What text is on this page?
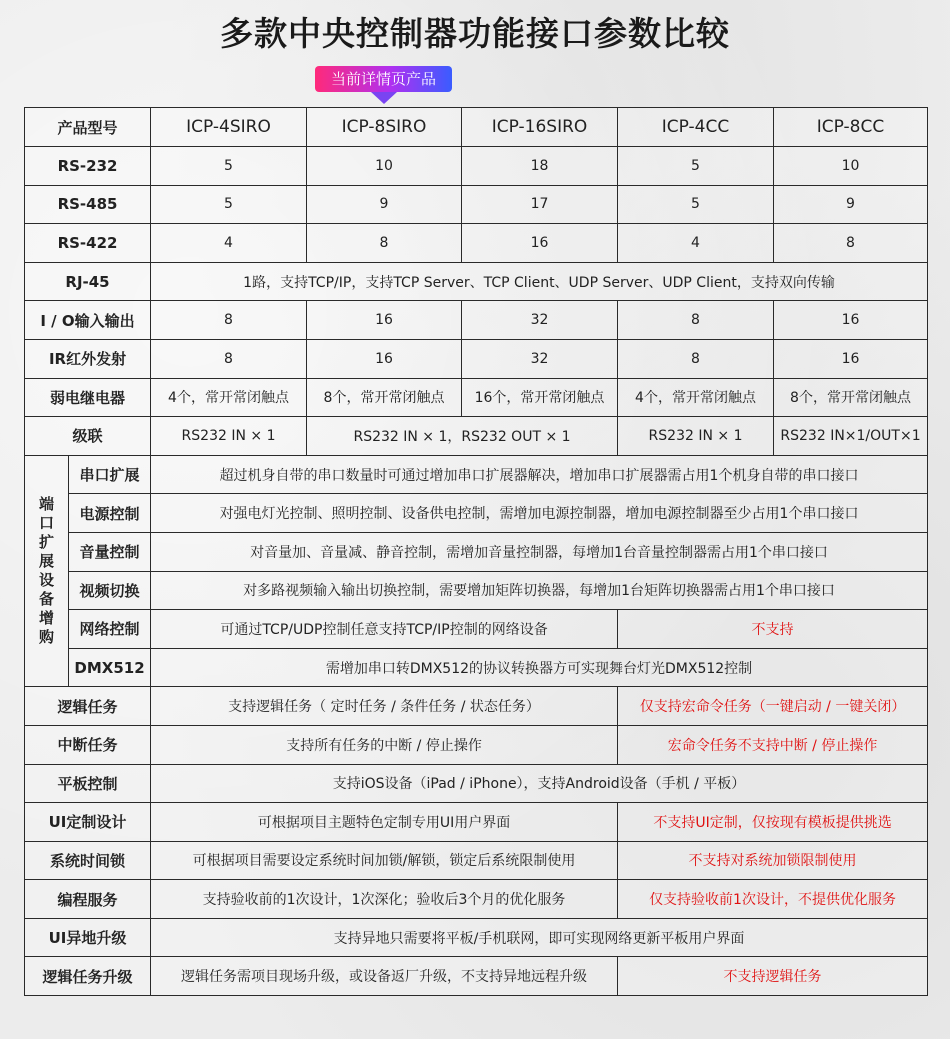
多款中央控制器功能接口参数比较
当前详情页产品
产品型号		ICP-4SIRO	ICP-8SIRO	ICP-16SIRO	ICP-4CC	ICP-8CC
RS-232		5	10	18	5	10
RS-485		5	9	17	5	9
RS-422		4	8	16	4	8
RJ-45		1路，支持TCP/IP，支持TCP Server、TCP Client、UDP Server、UDP Client，支持双向传输				
I / O输入输出		8	16	32	8	16
IR红外发射		8	16	32	8	16
弱电继电器		4个，常开常闭触点	8个，常开常闭触点	16个，常开常闭触点	4个，常开常闭触点	8个，常开常闭触点
级联		RS232 IN × 1	RS232 IN × 1，RS232 OUT × 1		RS232 IN × 1	RS232 IN×1/OUT×1

端口扩展设备增购	串口扩展	超过机身自带的串口数量时可通过增加串口扩展器解决，增加串口扩展器需占用1个机身自带的串口接口				
	电源控制	对强电灯光控制、照明控制、设备供电控制，需增加电源控制器，增加电源控制器至少占用1个串口接口				
	音量控制	对音量加、音量减、静音控制，需增加音量控制器，每增加1台音量控制器需占用1个串口接口				
	视频切换	对多路视频输入输出切换控制，需要增加矩阵切换器，每增加1台矩阵切换器需占用1个串口接口				
	网络控制	可通过TCP/UDP控制任意支持TCP/IP控制的网络设备			不支持	
	DMX512	需增加串口转DMX512的协议转换器方可实现舞台灯光DMX512控制				
逻辑任务		支持逻辑任务（ 定时任务 / 条件任务 / 状态任务）			仅支持宏命令任务（一键启动 / 一键关闭）	
中断任务		支持所有任务的中断 / 停止操作			宏命令任务不支持中断 / 停止操作	
平板控制		支持iOS设备（iPad / iPhone），支持Android设备（手机 / 平板）				
UI定制设计		可根据项目主题特色定制专用UI用户界面			不支持UI定制，仅按现有模板提供挑选	
系统时间锁		可根据项目需要设定系统时间加锁/解锁，锁定后系统限制使用			不支持对系统加锁限制使用	
编程服务		支持验收前的1次设计，1次深化；验收后3个月的优化服务			仅支持验收前1次设计，不提供优化服务	
UI异地升级		支持异地只需要将平板/手机联网，即可实现网络更新平板用户界面				
逻辑任务升级		逻辑任务需项目现场升级，或设备返厂升级，不支持异地远程升级			不支持逻辑任务	
